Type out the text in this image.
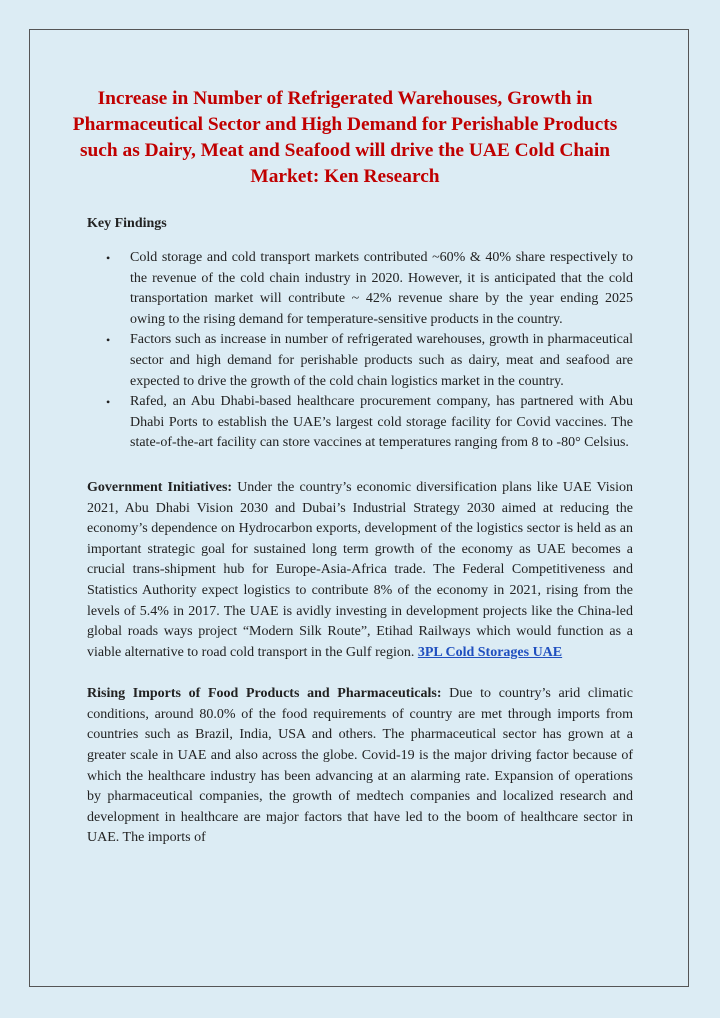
Increase in Number of Refrigerated Warehouses, Growth in Pharmaceutical Sector and High Demand for Perishable Products such as Dairy, Meat and Seafood will drive the UAE Cold Chain Market: Ken Research
Key Findings
• Cold storage and cold transport markets contributed ~60% & 40% share respectively to the revenue of the cold chain industry in 2020. However, it is anticipated that the cold transportation market will contribute ~ 42% revenue share by the year ending 2025 owing to the rising demand for temperature-sensitive products in the country.
• Factors such as increase in number of refrigerated warehouses, growth in pharmaceutical sector and high demand for perishable products such as dairy, meat and seafood are expected to drive the growth of the cold chain logistics market in the country.
• Rafed, an Abu Dhabi-based healthcare procurement company, has partnered with Abu Dhabi Ports to establish the UAE’s largest cold storage facility for Covid vaccines. The state-of-the-art facility can store vaccines at temperatures ranging from 8 to -80° Celsius.

Government Initiatives: Under the country’s economic diversification plans like UAE Vision 2021, Abu Dhabi Vision 2030 and Dubai’s Industrial Strategy 2030 aimed at reducing the economy’s dependence on Hydrocarbon exports, development of the logistics sector is held as an important strategic goal for sustained long term growth of the economy as UAE becomes a crucial trans-shipment hub for Europe-Asia-Africa trade. The Federal Competitiveness and Statistics Authority expect logistics to contribute 8% of the economy in 2021, rising from the levels of 5.4% in 2017. The UAE is avidly investing in development projects like the China-led global roads ways project “Modern Silk Route”, Etihad Railways which would function as a viable alternative to road cold transport in the Gulf region. 3PL Cold Storages UAE

Rising Imports of Food Products and Pharmaceuticals: Due to country’s arid climatic conditions, around 80.0% of the food requirements of country are met through imports from countries such as Brazil, India, USA and others. The pharmaceutical sector has grown at a greater scale in UAE and also across the globe. Covid-19 is the major driving factor because of which the healthcare industry has been advancing at an alarming rate. Expansion of operations by pharmaceutical companies, the growth of medtech companies and localized research and development in healthcare are major factors that have led to the boom of healthcare sector in UAE. The imports of
